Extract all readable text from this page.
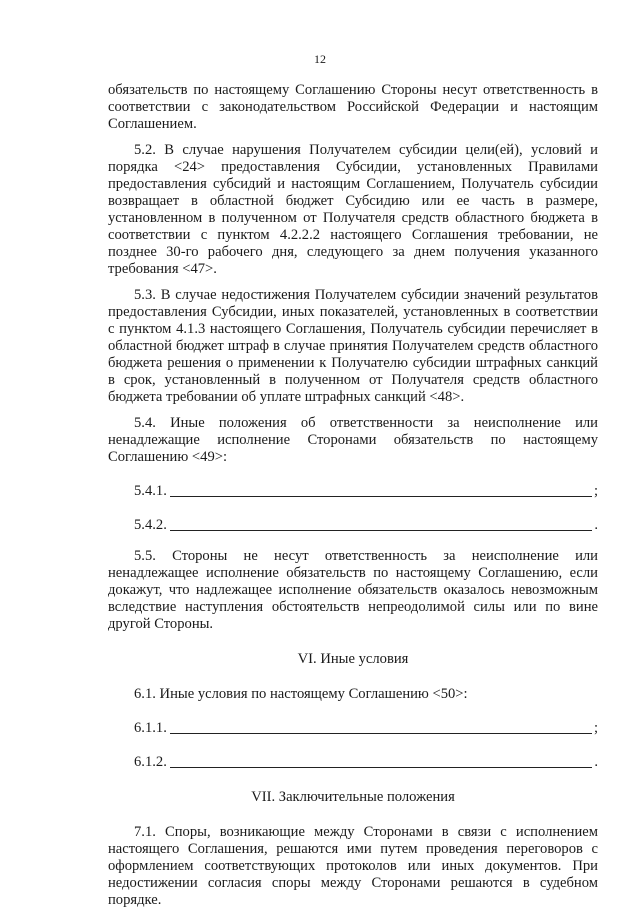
12

обязательств по настоящему Соглашению Стороны несут ответственность в соответствии с законодательством Российской Федерации и настоящим Соглашением.

5.2. В случае нарушения Получателем субсидии цели(ей), условий и порядка <24> предоставления Субсидии, установленных Правилами предоставления субсидий и настоящим Соглашением, Получатель субсидии возвращает в областной бюджет Субсидию или ее часть в размере, установленном в полученном от Получателя средств областного бюджета в соответствии с пунктом 4.2.2.2 настоящего Соглашения требовании, не позднее 30-го рабочего дня, следующего за днем получения указанного требования <47>.

5.3. В случае недостижения Получателем субсидии значений результатов предоставления Субсидии, иных показателей, установленных в соответствии с пунктом 4.1.3 настоящего Соглашения, Получатель субсидии перечисляет в областной бюджет штраф в случае принятия Получателем средств областного бюджета решения о применении к Получателю субсидии штрафных санкций в срок, установленный в полученном от Получателя средств областного бюджета требовании об уплате штрафных санкций <48>.

5.4. Иные положения об ответственности за неисполнение или ненадлежащие исполнение Сторонами обязательств по настоящему Соглашению <49>:

5.4.1.	;
5.4.2.	.

5.5. Стороны не несут ответственность за неисполнение или ненадлежащее исполнение обязательств по настоящему Соглашению, если докажут, что надлежащее исполнение обязательств оказалось невозможным вследствие наступления обстоятельств непреодолимой силы или по вине другой Стороны.

VI. Иные условия

6.1. Иные условия по настоящему Соглашению <50>:

6.1.1.	;
6.1.2.	.
VII. Заключительные положения

7.1. Споры, возникающие между Сторонами в связи с исполнением настоящего Соглашения, решаются ими путем проведения переговоров с оформлением соответствующих протоколов или иных документов. При недостижении согласия споры между Сторонами решаются в судебном порядке.
